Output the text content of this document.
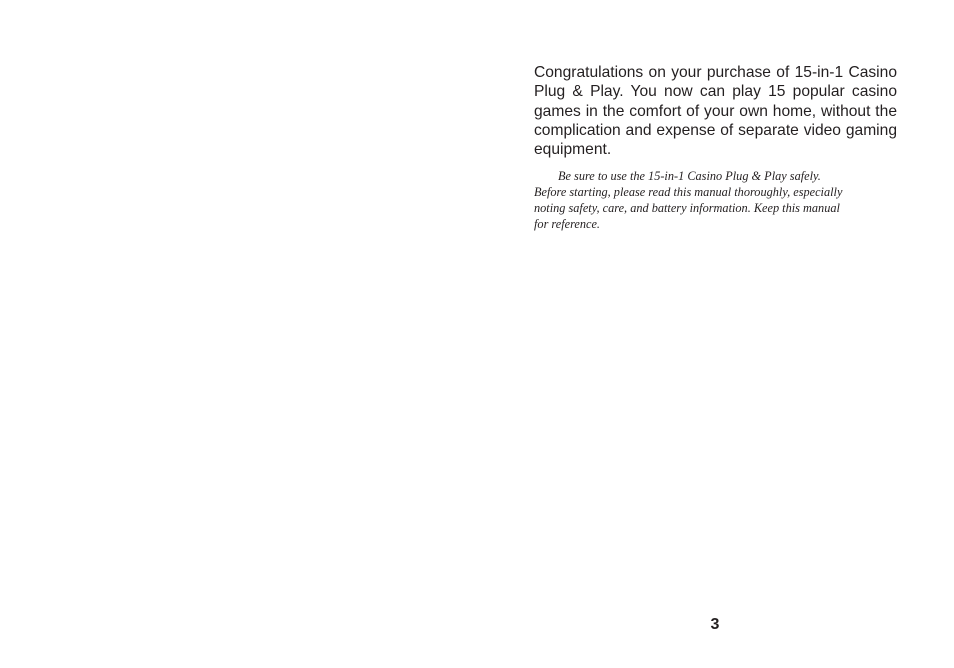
Congratulations on your purchase of 15-in-1 Casino Plug & Play. You now can play 15 popular casino games in the comfort of your own home, without the complication and expense of separate video gaming equipment.

Be sure to use the 15-in-1 Casino Plug & Play safely.
Before starting, please read this manual thoroughly, especially
noting safety, care, and battery information. Keep this manual
for reference.
3
